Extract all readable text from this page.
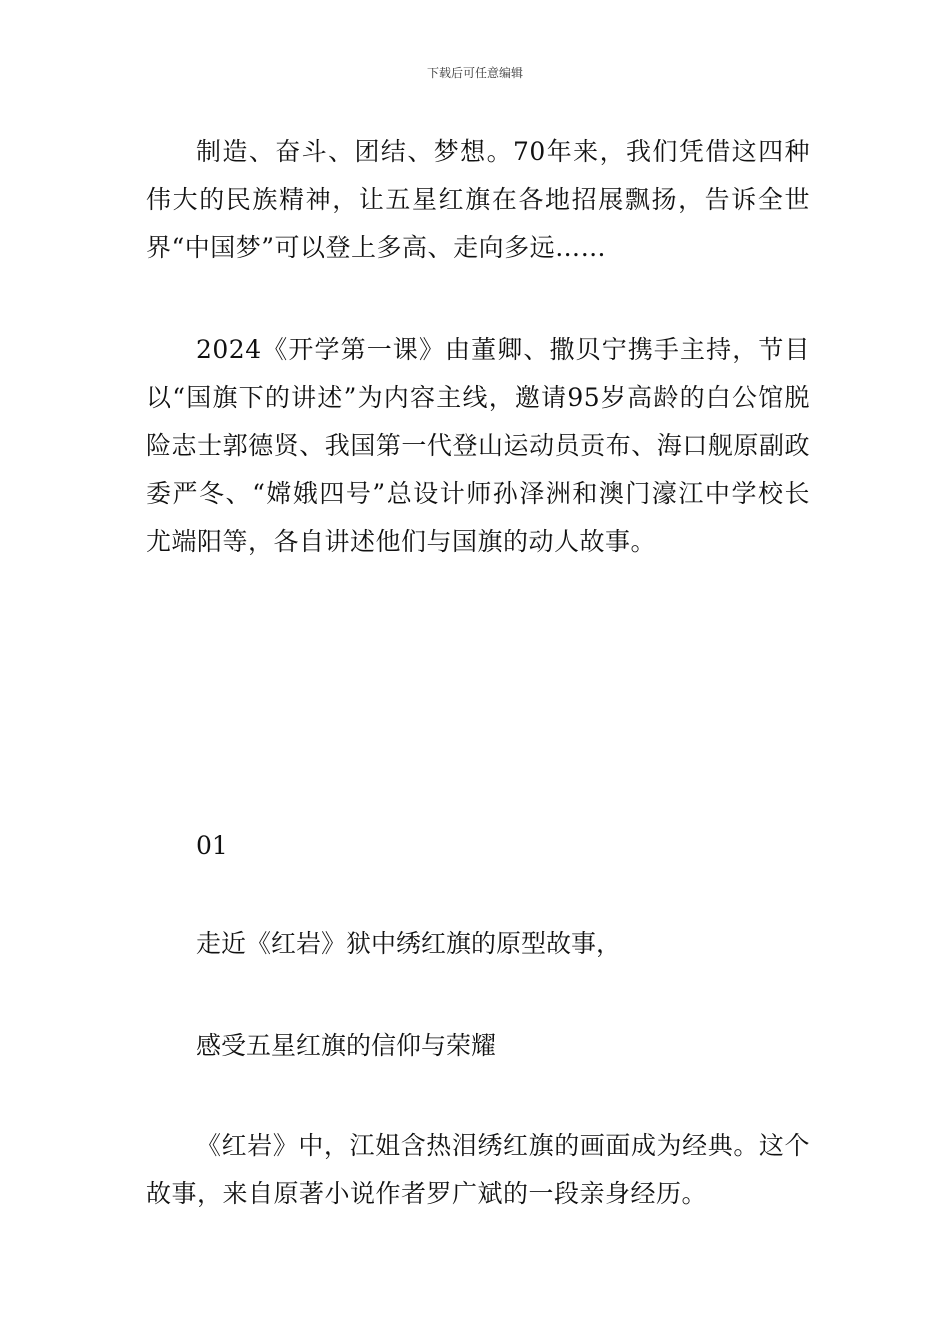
下载后可任意编辑

制造、奋斗、团结、梦想。70年来，我们凭借这四种伟大的民族精神，让五星红旗在各地招展飘扬，告诉全世界“中国梦”可以登上多高、走向多远……

2024《开学第一课》由董卿、撒贝宁携手主持，节目以“国旗下的讲述”为内容主线，邀请95岁高龄的白公馆脱险志士郭德贤、我国第一代登山运动员贡布、海口舰原副政委严冬、“嫦娥四号”总设计师孙泽洲和澳门濠江中学校长尤端阳等，各自讲述他们与国旗的动人故事。

01

走近《红岩》狱中绣红旗的原型故事，

感受五星红旗的信仰与荣耀

《红岩》中，江姐含热泪绣红旗的画面成为经典。这个故事，来自原著小说作者罗广斌的一段亲身经历。
